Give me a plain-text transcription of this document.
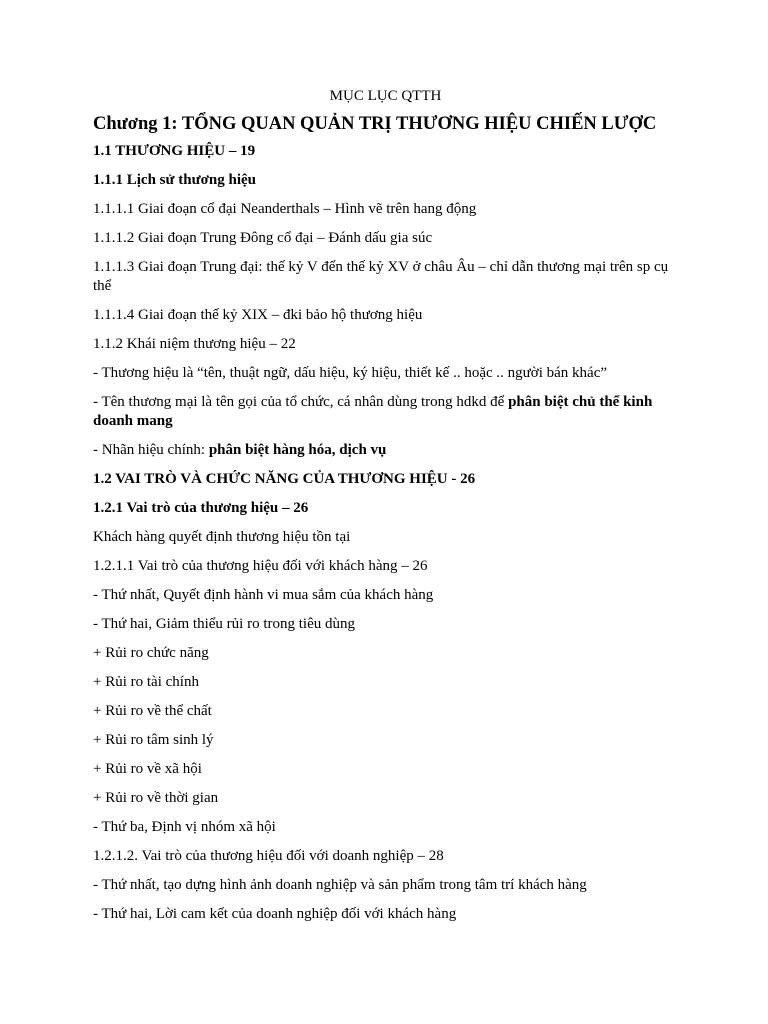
MỤC LỤC QTTH
Chương 1: TỔNG QUAN QUẢN TRỊ THƯƠNG HIỆU CHIẾN LƯỢC
1.1 THƯƠNG HIỆU – 19
1.1.1 Lịch sử thương hiệu
1.1.1.1 Giai đoạn cổ đại Neanderthals – Hình vẽ trên hang động
1.1.1.2 Giai đoạn Trung Đông cổ đại – Đánh dấu gia súc
1.1.1.3 Giai đoạn Trung đại: thế kỷ V đến thế kỷ XV ở châu Âu – chỉ dẫn thương mại trên sp cụ thể
1.1.1.4 Giai đoạn thế kỷ XIX – đki bảo hộ thương hiệu
1.1.2 Khái niệm thương hiệu – 22
- Thương hiệu là “tên, thuật ngữ, dấu hiệu, ký hiệu, thiết kế .. hoặc .. người bán khác”
- Tên thương mại là tên gọi của tổ chức, cá nhân dùng trong hdkd để phân biệt chủ thể kinh doanh mang
- Nhãn hiệu chính: phân biệt hàng hóa, dịch vụ
1.2 VAI TRÒ VÀ CHỨC NĂNG CỦA THƯƠNG HIỆU - 26
1.2.1 Vai trò của thương hiệu – 26
Khách hàng quyết định thương hiệu tồn tại
1.2.1.1 Vai trò của thương hiệu đối với khách hàng – 26
- Thứ nhất, Quyết định hành vi mua sắm của khách hàng
- Thứ hai, Giảm thiểu rủi ro trong tiêu dùng
+ Rủi ro chức năng
+ Rủi ro tài chính
+ Rủi ro về thể chất
+ Rủi ro tâm sinh lý
+ Rủi ro về xã hội
+ Rủi ro về thời gian
- Thứ ba, Định vị nhóm xã hội
1.2.1.2. Vai trò của thương hiệu đối với doanh nghiệp – 28
- Thứ nhất, tạo dựng hình ảnh doanh nghiệp và sản phẩm trong tâm trí khách hàng
- Thứ hai, Lời cam kết của doanh nghiệp đối với khách hàng
